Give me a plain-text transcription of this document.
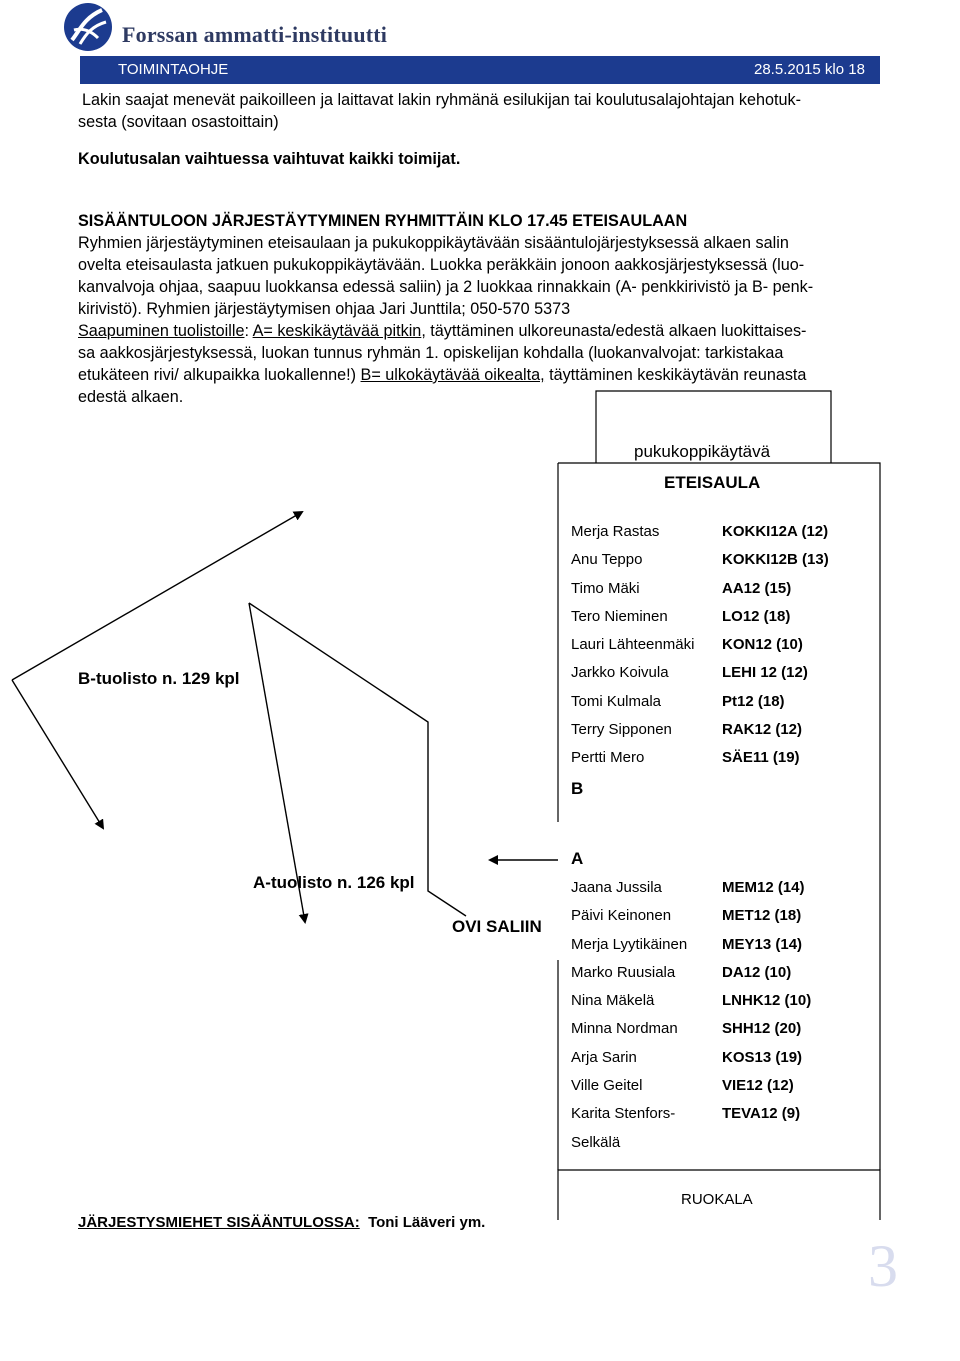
Forssan ammatti-instituutti
TOIMINTAOHJE	28.5.2015 klo 18
Lakin saajat menevät paikoilleen ja laittavat lakin ryhmänä esilukijan tai koulutusalajohtajan kehotuk-
sesta (sovitaan osastoittain)
Koulutusalan vaihtuessa vaihtuvat kaikki toimijat.
SISÄÄNTULOON JÄRJESTÄYTYMINEN RYHMITTÄIN KLO 17.45 ETEISAULAAN
Ryhmien järjestäytyminen eteisaulaan ja pukukoppikäytävään sisääntulojärjestyksessä alkaen salin
ovelta eteisaulasta jatkuen pukukoppikäytävään. Luokka peräkkäin jonoon aakkosjärjestyksessä (luo-
kanvalvoja ohjaa, saapuu luokkansa edessä saliin) ja 2 luokkaa rinnakkain (A- penkkirivistö ja B- penk-
kirivistö). Ryhmien järjestäytymisen ohjaa Jari Junttila; 050-570 5373
Saapuminen tuolistoille: A= keskikäytävää pitkin, täyttäminen ulkoreunasta/edestä alkaen luokittaises-
sa aakkosjärjestyksessä, luokan tunnus ryhmän 1. opiskelijan kohdalla (luokanvalvojat: tarkistakaa
etukäteen rivi/ alkupaikka luokallenne!) B= ulkokäytävää oikealta, täyttäminen keskikäytävän reunasta
edestä alkaen.
pukukoppikäytävä
ETEISAULA
B-tuolisto n. 129 kpl
A-tuolisto n. 126 kpl
OVI SALIIN
Merja Rastas	KOKKI12A (12)
Anu Teppo	KOKKI12B (13)
Timo Mäki	AA12 (15)
Tero Nieminen	LO12 (18)
Lauri Lähteenmäki KON12 (10)
Jarkko Koivula	LEHI 12 (12)
Tomi Kulmala	Pt12 (18)
Terry Sipponen	RAK12 (12)
Pertti Mero	SÄE11 (19)
B
A
Jaana Jussila	MEM12 (14)
Päivi Keinonen	MET12 (18)
Merja Lyytikäinen MEY13 (14)
Marko Ruusiala	DA12 (10)
Nina Mäkelä	LNHK12 (10)
Minna Nordman	SHH12 (20)
Arja Sarin	KOS13 (19)
Ville Geitel	VIE12 (12)
Karita Stenfors-	TEVA12 (9)
Selkälä
RUOKALA
JÄRJESTYSMIEHET SISÄÄNTULOSSA: Toni Lääveri ym.
3
